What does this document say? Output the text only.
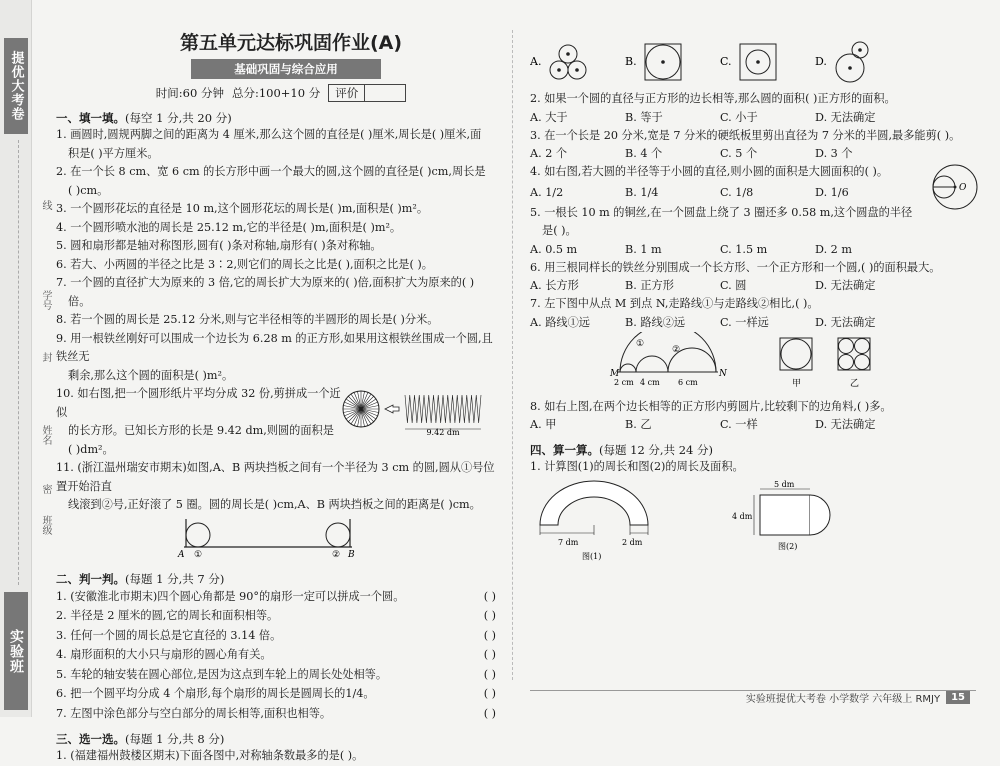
提优大考卷
实验班
学号
线
封
姓名
密
班级
第五单元达标巩固作业(A)
基础巩固与综合应用
时间:60 分钟 总分:100+10 分	评价
一、填一填。(每空 1 分,共 20 分)
1. 画圆时,圆规两脚之间的距离为 4 厘米,那么这个圆的直径是( )厘米,周长是( )厘米,面
积是( )平方厘米。
2. 在一个长 8 cm、宽 6 cm 的长方形中画一个最大的圆,这个圆的直径是( )cm,周长是
( )cm。
3. 一个圆形花坛的直径是 10 m,这个圆形花坛的周长是( )m,面积是( )m²。
4. 一个圆形喷水池的周长是 25.12 m,它的半径是( )m,面积是( )m²。
5. 圆和扇形都是轴对称图形,圆有( )条对称轴,扇形有( )条对称轴。
6. 若大、小两圆的半径之比是 3∶2,则它们的周长之比是( ),面积之比是( )。
7. 一个圆的直径扩大为原来的 3 倍,它的周长扩大为原来的( )倍,面积扩大为原来的( )
倍。
8. 若一个圆的周长是 25.12 分米,则与它半径相等的半圆形的周长是( )分米。
9. 用一根铁丝刚好可以围成一个边长为 6.28 m 的正方形,如果用这根铁丝围成一个圆,且铁丝无
剩余,那么这个圆的面积是( )m²。
10. 如右图,把一个圆形纸片平均分成 32 份,剪拼成一个近似
的长方形。已知长方形的长是 9.42 dm,则圆的面积是
( )dm²。
9.42 dm
11. (浙江温州瑞安市期末)如图,A、B 两块挡板之间有一个半径为 3 cm 的圆,圆从①号位置开始沿直
线滚到②号,正好滚了 5 圈。圆的周长是( )cm,A、B 两块挡板之间的距离是( )cm。
A ①	② B
二、判一判。(每题 1 分,共 7 分)
1. (安徽淮北市期末)四个圆心角都是 90°的扇形一定可以拼成一个圆。	( )
2. 半径是 2 厘米的圆,它的周长和面积相等。	( )
3. 任何一个圆的周长总是它直径的 3.14 倍。	( )
4. 扇形面积的大小只与扇形的圆心角有关。	( )
5. 车轮的轴安装在圆心部位,是因为这点到车轮上的周长处处相等。	( )
6. 把一个圆平均分成 4 个扇形,每个扇形的周长是圆周长的1/4。	( )
7. 左图中涂色部分与空白部分的周长相等,面积也相等。	( )
三、选一选。(每题 1 分,共 8 分)
1. (福建福州鼓楼区期末)下面各图中,对称轴条数最多的是( )。
A.	B.	C.	D.
2. 如果一个圆的直径与正方形的边长相等,那么圆的面积( )正方形的面积。
A. 大于	B. 等于	C. 小于	D. 无法确定
3. 在一个长是 20 分米,宽是 7 分米的硬纸板里剪出直径为 7 分米的半圆,最多能剪( )。
A. 2 个	B. 4 个	C. 5 个	D. 3 个
4. 如右图,若大圆的半径等于小圆的直径,则小圆的面积是大圆面积的( )。
A. 1/2	B. 1/4	C. 1/8	D. 1/6	O
5. 一根长 10 m 的铜丝,在一个圆盘上绕了 3 圈还多 0.58 m,这个圆盘的半径
是( )。
A. 0.5 m	B. 1 m	C. 1.5 m	D. 2 m
6. 用三根同样长的铁丝分别围成一个长方形、一个正方形和一个圆,( )的面积最大。
A. 长方形	B. 正方形	C. 圆	D. 无法确定
7. 左下图中从点 M 到点 N,走路线①与走路线②相比,( )。
A. 路线①远	B. 路线②远	C. 一样远	D. 无法确定
M	N
①
②
2 cm 4 cm 6 cm	甲	乙
8. 如右上图,在两个边长相等的正方形内剪圆片,比较剩下的边角料,( )多。
A. 甲	B. 乙	C. 一样	D. 无法确定
四、算一算。(每题 12 分,共 24 分)
1. 计算图(1)的周长和图(2)的周长及面积。
7 dm	2 dm
图(1)
5 dm
4 dm
图(2)
实验班提优大考卷 小学数学 六年级上 RMJY	15
